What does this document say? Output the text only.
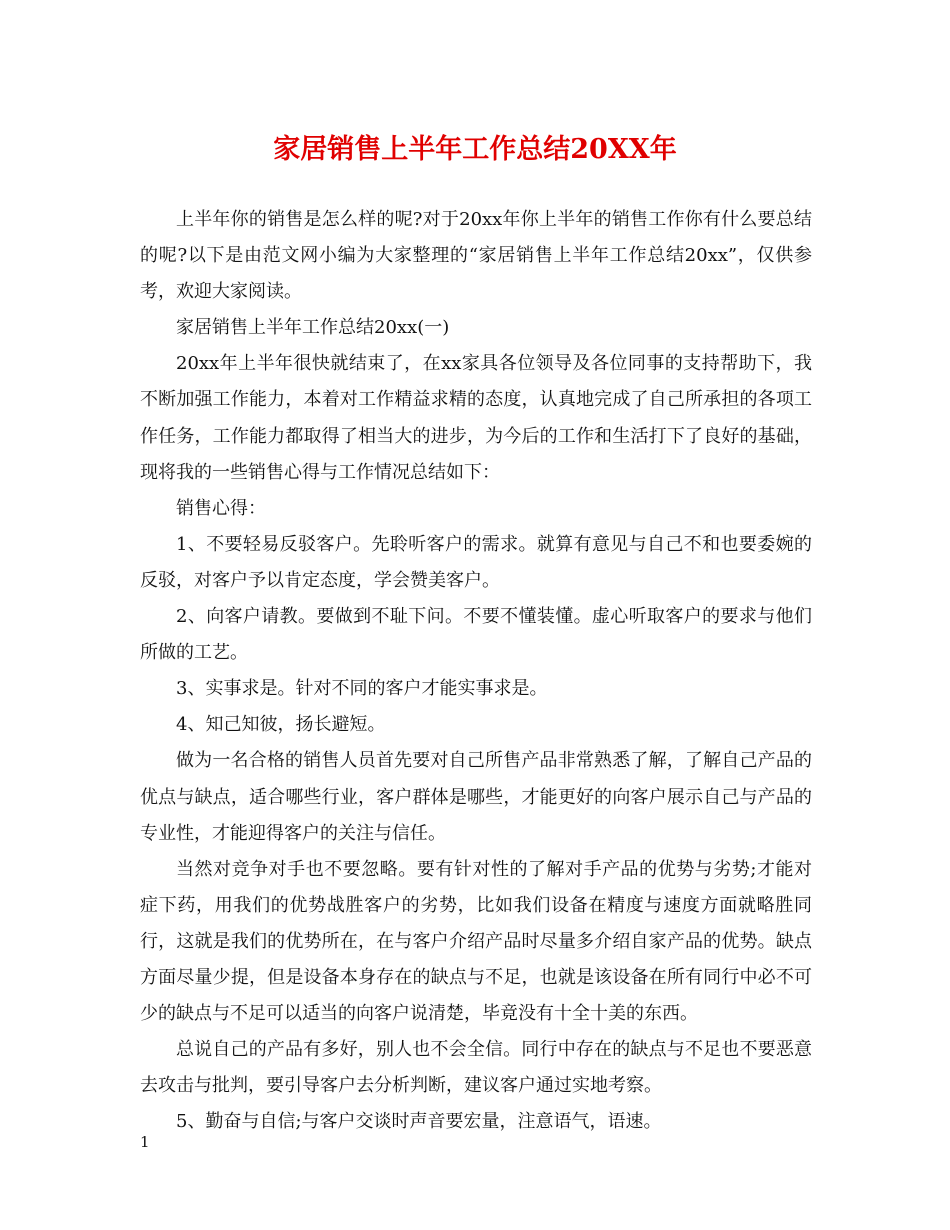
家居销售上半年工作总结20XX年

上半年你的销售是怎么样的呢?对于20xx年你上半年的销售工作你有什么要总结的呢?以下是由范文网小编为大家整理的“家居销售上半年工作总结20xx”，仅供参考，欢迎大家阅读。

家居销售上半年工作总结20xx(一)

20xx年上半年很快就结束了，在xx家具各位领导及各位同事的支持帮助下，我不断加强工作能力，本着对工作精益求精的态度，认真地完成了自己所承担的各项工作任务，工作能力都取得了相当大的进步，为今后的工作和生活打下了良好的基础，现将我的一些销售心得与工作情况总结如下：

销售心得：

1、不要轻易反驳客户。先聆听客户的需求。就算有意见与自己不和也要委婉的反驳，对客户予以肯定态度，学会赞美客户。

2、向客户请教。要做到不耻下问。不要不懂装懂。虚心听取客户的要求与他们所做的工艺。

3、实事求是。针对不同的客户才能实事求是。

4、知己知彼，扬长避短。

做为一名合格的销售人员首先要对自己所售产品非常熟悉了解，了解自己产品的优点与缺点，适合哪些行业，客户群体是哪些，才能更好的向客户展示自己与产品的专业性，才能迎得客户的关注与信任。

当然对竞争对手也不要忽略。要有针对性的了解对手产品的优势与劣势;才能对症下药，用我们的优势战胜客户的劣势，比如我们设备在精度与速度方面就略胜同行，这就是我们的优势所在，在与客户介绍产品时尽量多介绍自家产品的优势。缺点方面尽量少提，但是设备本身存在的缺点与不足，也就是该设备在所有同行中必不可少的缺点与不足可以适当的向客户说清楚，毕竟没有十全十美的东西。

总说自己的产品有多好，别人也不会全信。同行中存在的缺点与不足也不要恶意去攻击与批判，要引导客户去分析判断，建议客户通过实地考察。

5、勤奋与自信;与客户交谈时声音要宏量，注意语气，语速。

1
